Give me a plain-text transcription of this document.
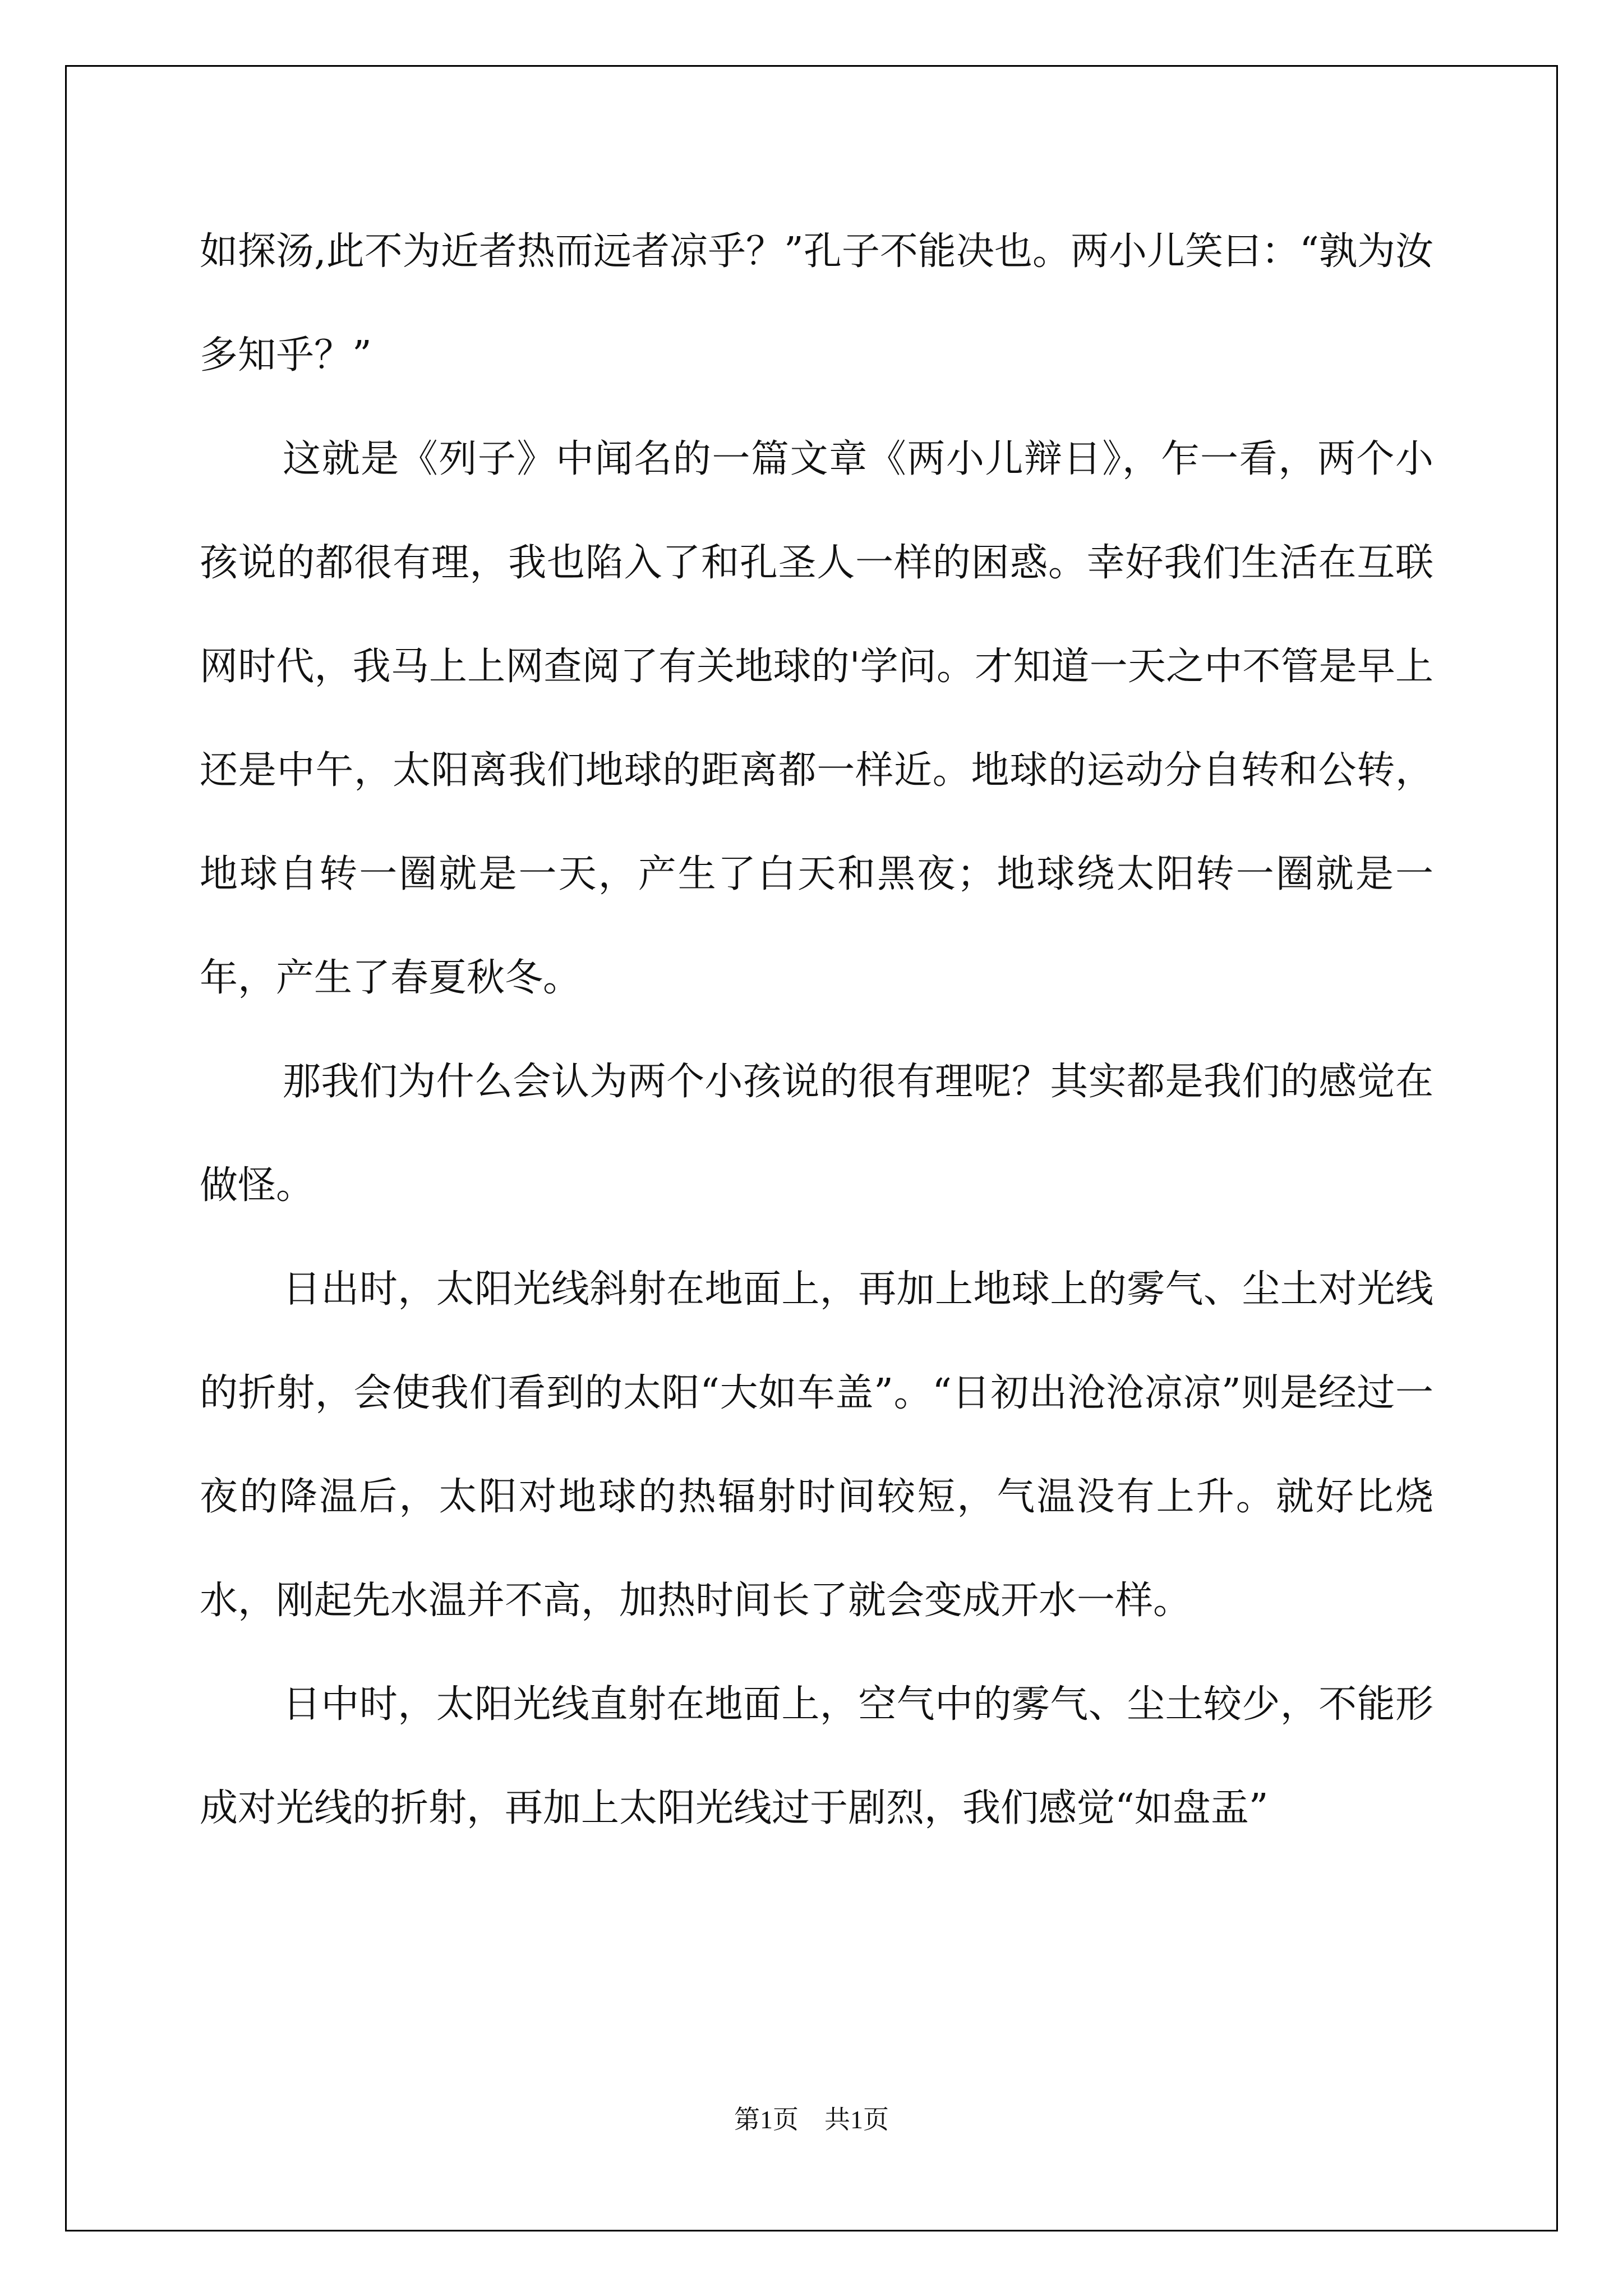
如探汤,此不为近者热而远者凉乎？”孔子不能决也。两小儿笑曰：“孰为汝多知乎？”

这就是《列子》中闻名的一篇文章《两小儿辩日》，乍一看，两个小孩说的都很有理，我也陷入了和孔圣人一样的困惑。幸好我们生活在互联网时代，我马上上网查阅了有关地球的'学问。才知道一天之中不管是早上还是中午，太阳离我们地球的距离都一样近。地球的运动分自转和公转，地球自转一圈就是一天，产生了白天和黑夜；地球绕太阳转一圈就是一年，产生了春夏秋冬。

那我们为什么会认为两个小孩说的很有理呢？其实都是我们的感觉在做怪。

日出时，太阳光线斜射在地面上，再加上地球上的雾气、尘土对光线的折射，会使我们看到的太阳“大如车盖”。“日初出沧沧凉凉”则是经过一夜的降温后，太阳对地球的热辐射时间较短，气温没有上升。就好比烧水，刚起先水温并不高，加热时间长了就会变成开水一样。

日中时，太阳光线直射在地面上，空气中的雾气、尘土较少，不能形成对光线的折射，再加上太阳光线过于剧烈，我们感觉“如盘盂”

第1页　共1页
